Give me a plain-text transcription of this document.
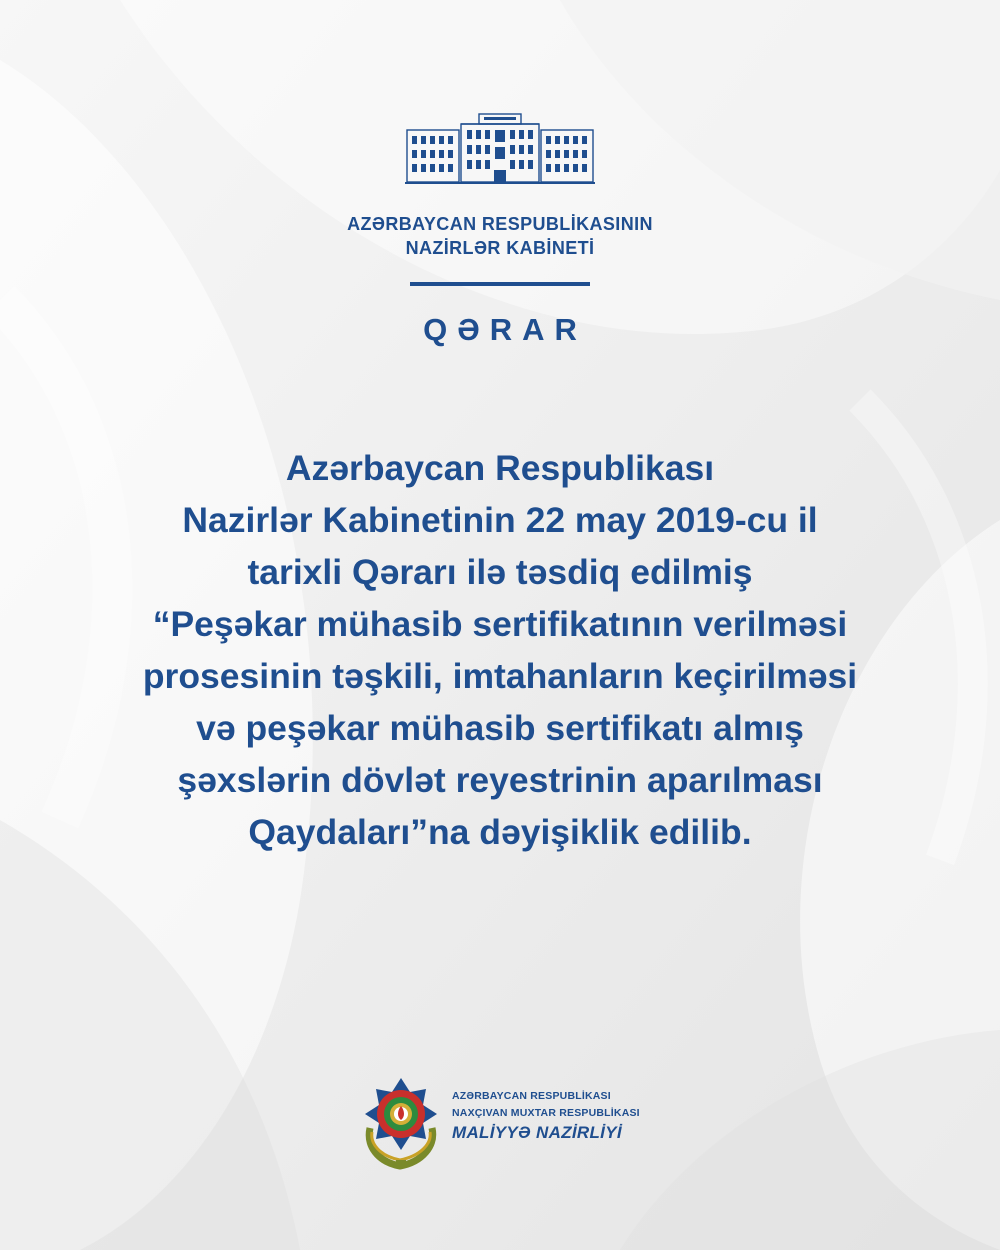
AZƏRBAYCAN RESPUBLİKASININ
NAZİRLƏR KABİNETİ
QƏRAR
Azərbaycan Respublikası
Nazirlər Kabinetinin 22 may 2019-cu il
tarixli Qərarı ilə təsdiq edilmiş
“Peşəkar mühasib sertifikatının verilməsi
prosesinin təşkili, imtahanların keçirilməsi
və peşəkar mühasib sertifikatı almış
şəxslərin dövlət reyestrinin aparılması
Qaydaları”na dəyişiklik edilib.
AZƏRBAYCAN RESPUBLİKASI
NAXÇIVAN MUXTAR RESPUBLİKASI
MALİYYƏ NAZİRLİYİ
